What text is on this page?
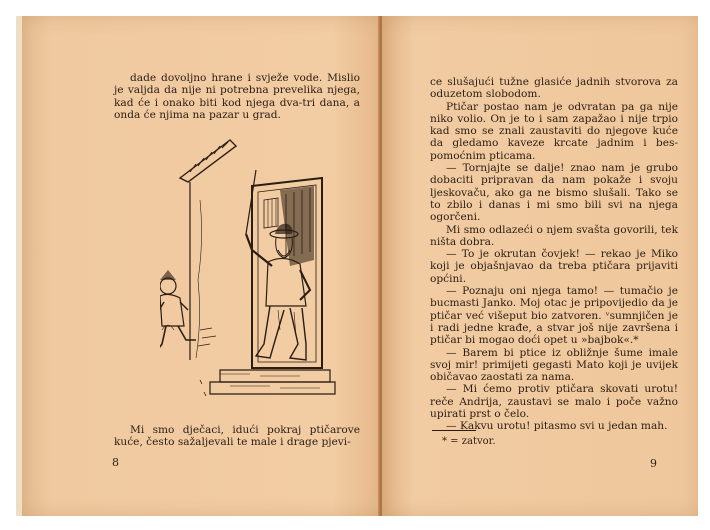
dade dovoljno hrane i svježe vode. Mislio je valjda da nije ni potrebna prevelika njega, kad će i onako biti kod njega dva-tri dana, a onda će njima na pazar u grad.

Mi smo dječaci, idući pokraj ptičarove kuće, često sažaljevali te male i drage pjevi-

8

ce slušajući tužne glasiće jadnih stvorova za oduzetom slobodom.

Ptičar postao nam je odvratan pa ga nije niko volio. On je to i sam zapažao i nije trpio kad smo se znali zaustaviti do njegove kuće da gledamo kaveze krcate jadnim i bespomoćnim pticama.

— Tornjajte se dalje! znao nam je grubo dobaciti pripravan da nam pokaže i svoju ljeskovaču, ako ga ne bismo slušali. Tako se to zbilo i danas i mi smo bili svi na njega ogorčeni.

Mi smo odlazeći o njem svašta govorili, tek ništa dobra.

— To je okrutan čovjek! — rekao je Miko koji je objašnjavao da treba ptičara prijaviti općini.

— Poznaju oni njega tamo! — tumačio je bucmasti Janko. Moj otac je pripovijedio da je ptičar već višeput bio zatvoren. ᵛsumnjičen je i radi jedne krađe, a stvar još nije završena i ptičar bi mogao doći opet u »bajbok«.*

— Barem bi ptice iz obližnje šume imale svoj mir! primijeti gegasti Mato koji je uvijek običavao zaostati za nama.

— Mi ćemo protiv ptičara skovati urotu! reče Andrija, zaustavi se malo i poče važno upirati prst o čelo.

— Kakvu urotu! pitasmo svi u jedan mah.

* = zatvor.
9
